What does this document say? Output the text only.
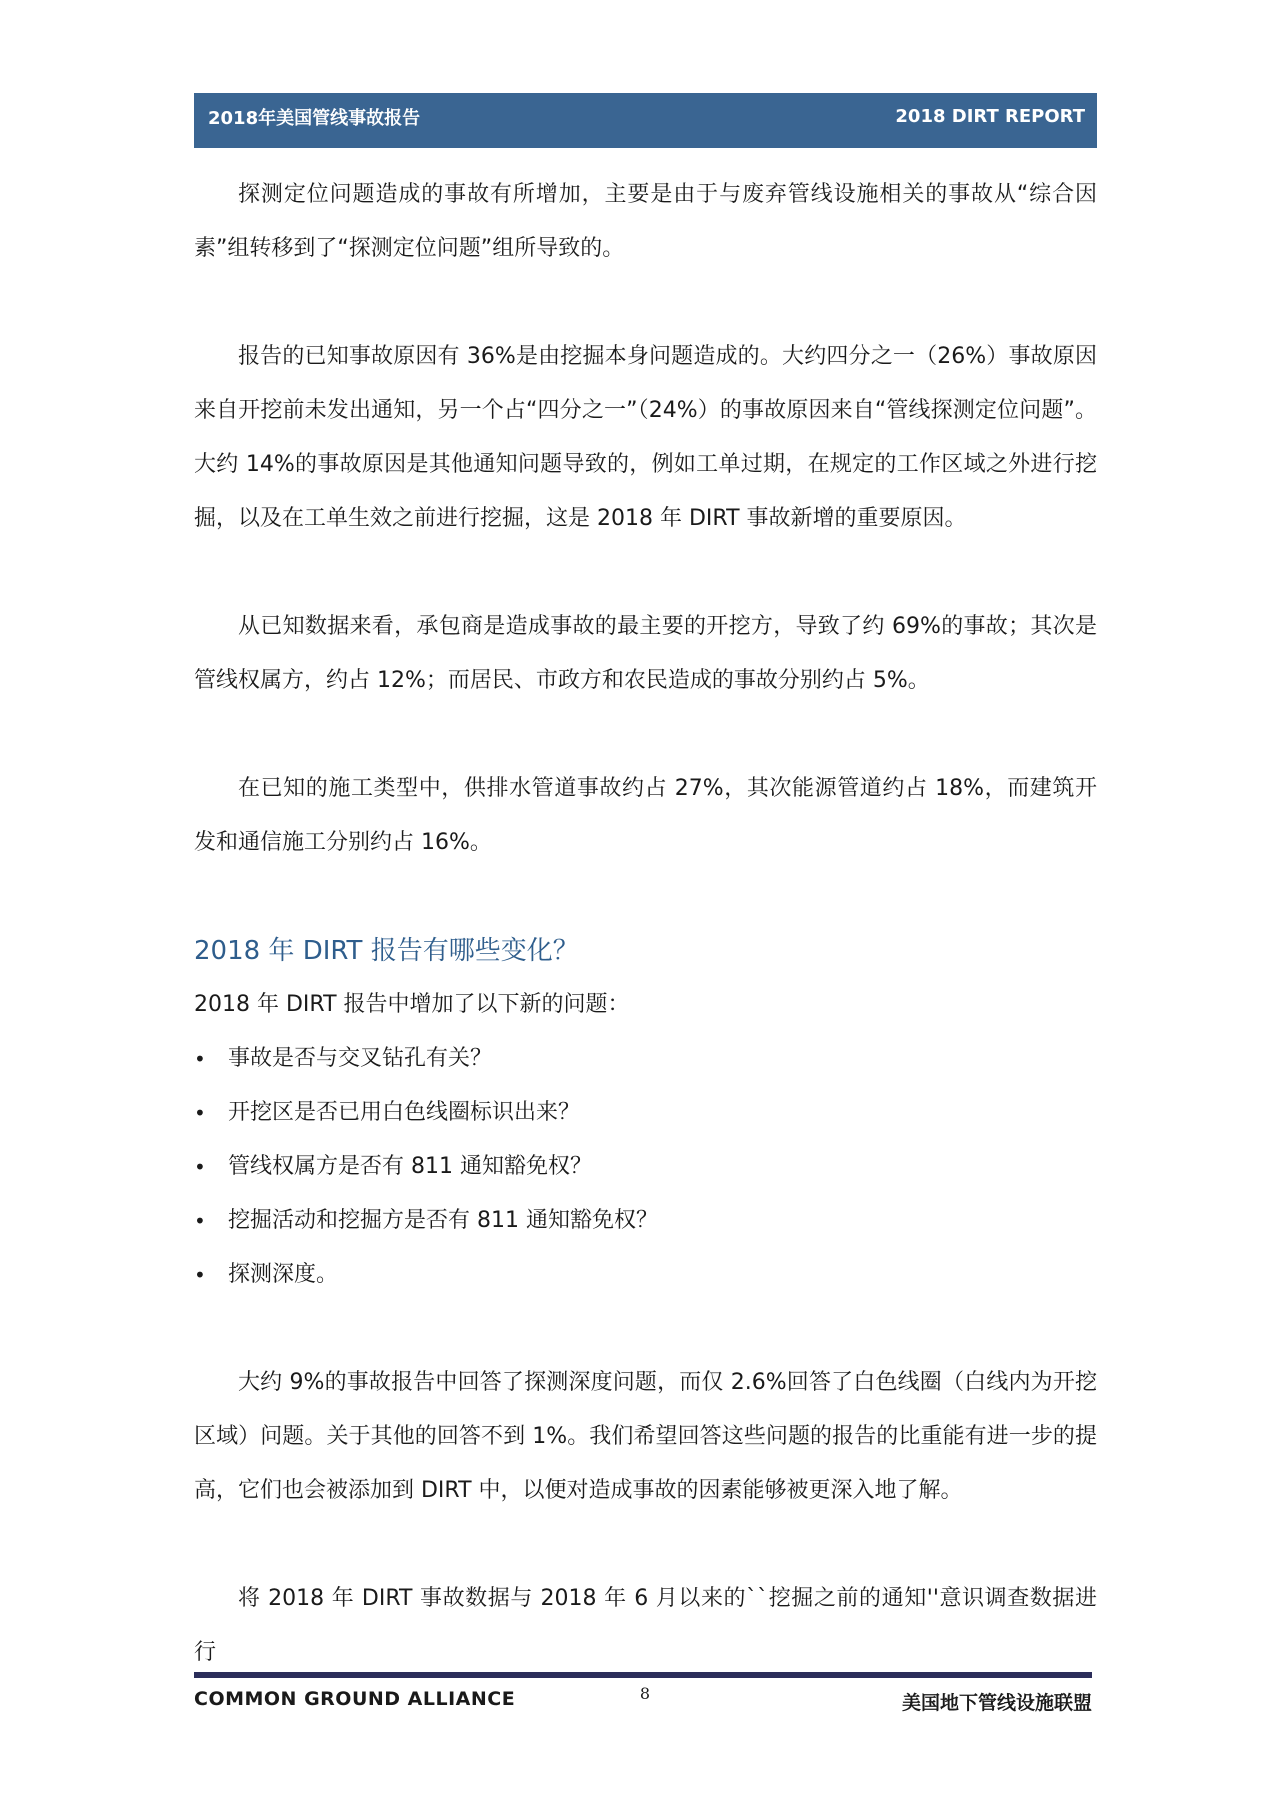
2018年美国管线事故报告	2018 DIRT REPORT

探测定位问题造成的事故有所增加，主要是由于与废弃管线设施相关的事故从“综合因素”组转移到了“探测定位问题”组所导致的。

报告的已知事故原因有 36%是由挖掘本身问题造成的。大约四分之一（26%）事故原因来自开挖前未发出通知，另一个占“四分之一”（24%）的事故原因来自“管线探测定位问题”。大约 14%的事故原因是其他通知问题导致的，例如工单过期，在规定的工作区域之外进行挖掘，以及在工单生效之前进行挖掘，这是 2018 年 DIRT 事故新增的重要原因。

从已知数据来看，承包商是造成事故的最主要的开挖方，导致了约 69%的事故；其次是管线权属方，约占 12%；而居民、市政方和农民造成的事故分别约占 5%。

在已知的施工类型中，供排水管道事故约占 27%，其次能源管道约占 18%，而建筑开发和通信施工分别约占 16%。

2018 年 DIRT 报告有哪些变化？

2018 年 DIRT 报告中增加了以下新的问题：

•	事故是否与交叉钻孔有关？
•	开挖区是否已用白色线圈标识出来？
•	管线权属方是否有 811 通知豁免权？
•	挖掘活动和挖掘方是否有 811 通知豁免权？
•	探测深度。

大约 9%的事故报告中回答了探测深度问题，而仅 2.6%回答了白色线圈（白线内为开挖区域）问题。关于其他的回答不到 1%。我们希望回答这些问题的报告的比重能有进一步的提高，它们也会被添加到 DIRT 中，以便对造成事故的因素能够被更深入地了解。

将 2018 年 DIRT 事故数据与 2018 年 6 月以来的``挖掘之前的通知''意识调查数据进行

COMMON GROUND ALLIANCE	8	美国地下管线设施联盟
